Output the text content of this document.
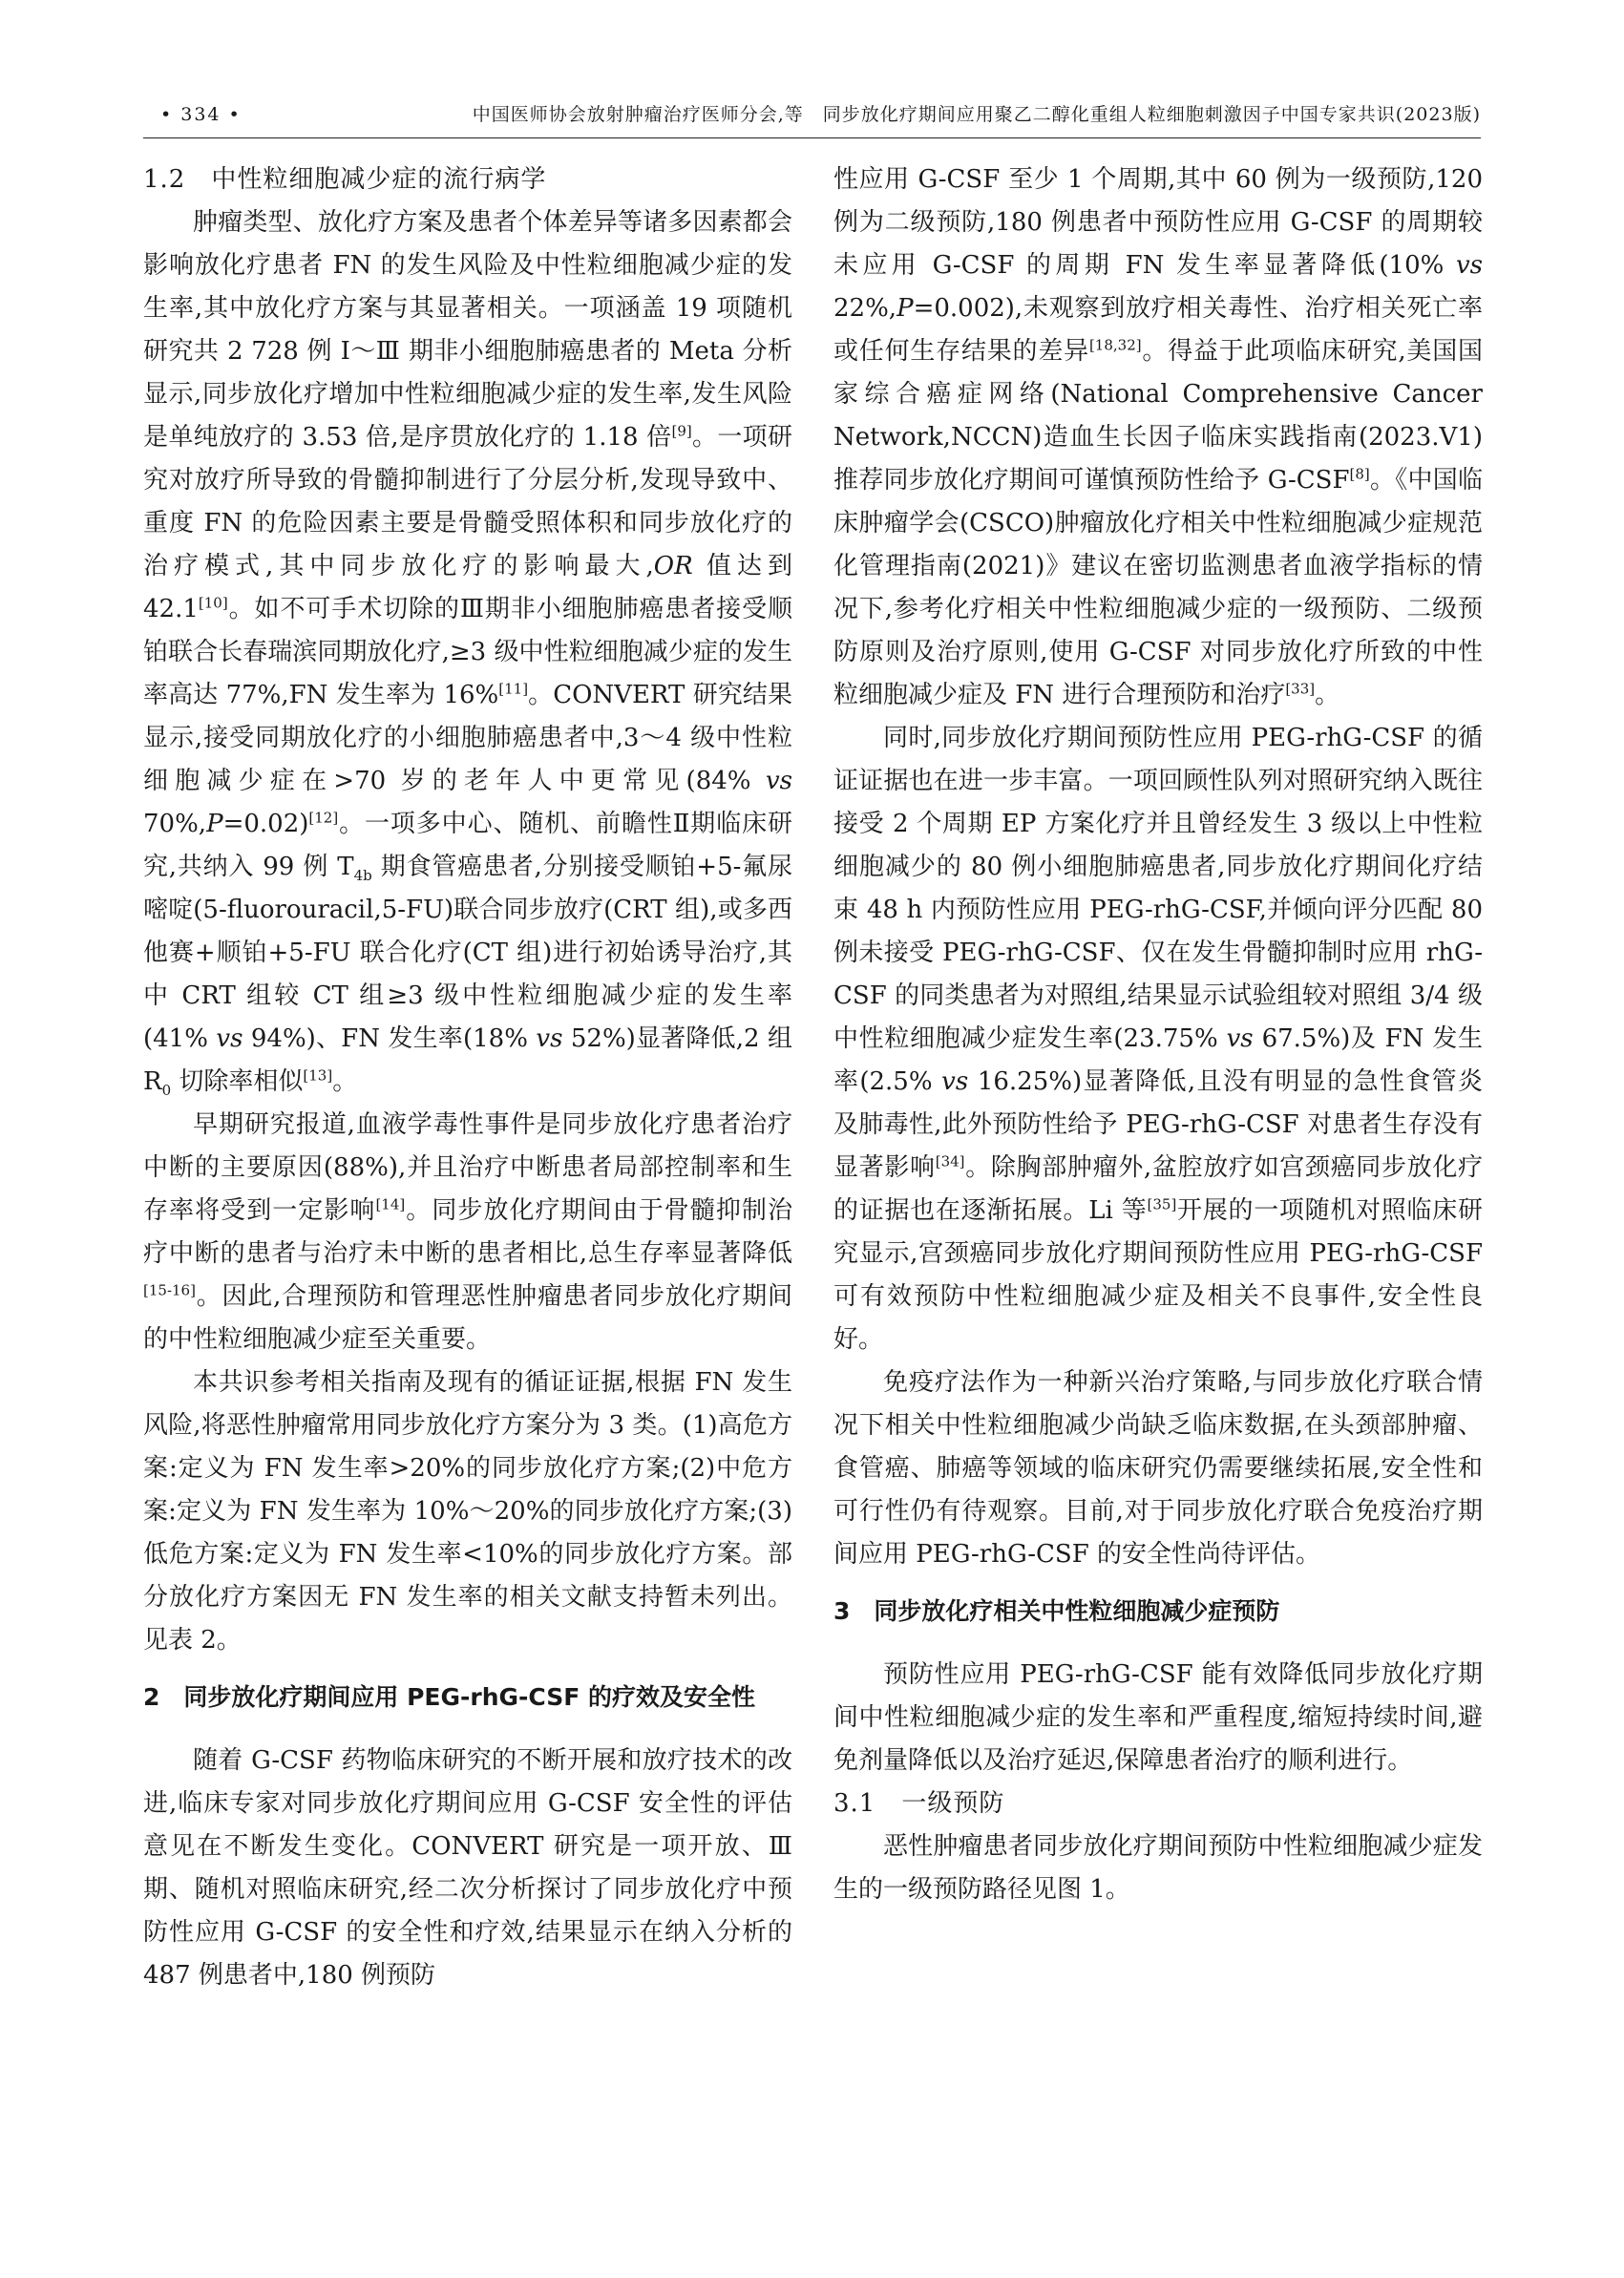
• 334 •	中国医师协会放射肿瘤治疗医师分会,等　同步放化疗期间应用聚乙二醇化重组人粒细胞刺激因子中国专家共识(2023版)
1.2　中性粒细胞减少症的流行病学

肿瘤类型、放化疗方案及患者个体差异等诸多因素都会影响放化疗患者 FN 的发生风险及中性粒细胞减少症的发生率,其中放化疗方案与其显著相关。一项涵盖 19 项随机研究共 2 728 例 Ⅰ～Ⅲ 期非小细胞肺癌患者的 Meta 分析显示,同步放化疗增加中性粒细胞减少症的发生率,发生风险是单纯放疗的 3.53 倍,是序贯放化疗的 1.18 倍[9]。一项研究对放疗所导致的骨髓抑制进行了分层分析,发现导致中、重度 FN 的危险因素主要是骨髓受照体积和同步放化疗的治疗模式,其中同步放化疗的影响最大,OR 值达到 42.1[10]。如不可手术切除的Ⅲ期非小细胞肺癌患者接受顺铂联合长春瑞滨同期放化疗,≥3 级中性粒细胞减少症的发生率高达 77%,FN 发生率为 16%[11]。CONVERT 研究结果显示,接受同期放化疗的小细胞肺癌患者中,3～4 级中性粒细胞减少症在>70 岁的老年人中更常见(84% vs 70%,P=0.02)[12]。一项多中心、随机、前瞻性Ⅱ期临床研究,共纳入 99 例 $T_{4b}$ 期食管癌患者,分别接受顺铂+5-氟尿嘧啶(5-fluorouracil,5-FU)联合同步放疗(CRT 组),或多西他赛+顺铂+5-FU 联合化疗(CT 组)进行初始诱导治疗,其中 CRT 组较 CT 组≥3 级中性粒细胞减少症的发生率(41% vs 94%)、FN 发生率(18% vs 52%)显著降低,2 组 $R_0$ 切除率相似[13]。

早期研究报道,血液学毒性事件是同步放化疗患者治疗中断的主要原因(88%),并且治疗中断患者局部控制率和生存率将受到一定影响[14]。同步放化疗期间由于骨髓抑制治疗中断的患者与治疗未中断的患者相比,总生存率显著降低[15-16]。因此,合理预防和管理恶性肿瘤患者同步放化疗期间的中性粒细胞减少症至关重要。

本共识参考相关指南及现有的循证证据,根据 FN 发生风险,将恶性肿瘤常用同步放化疗方案分为 3 类。(1)高危方案:定义为 FN 发生率>20%的同步放化疗方案;(2)中危方案:定义为 FN 发生率为 10%～20%的同步放化疗方案;(3)低危方案:定义为 FN 发生率<10%的同步放化疗方案。部分放化疗方案因无 FN 发生率的相关文献支持暂未列出。见表 2。

2　同步放化疗期间应用 PEG-rhG-CSF 的疗效及安全性

随着 G-CSF 药物临床研究的不断开展和放疗技术的改进,临床专家对同步放化疗期间应用 G-CSF 安全性的评估意见在不断发生变化。CONVERT 研究是一项开放、Ⅲ期、随机对照临床研究,经二次分析探讨了同步放化疗中预防性应用 G-CSF 的安全性和疗效,结果显示在纳入分析的 487 例患者中,180 例预防

性应用 G-CSF 至少 1 个周期,其中 60 例为一级预防,120 例为二级预防,180 例患者中预防性应用 G-CSF 的周期较未应用 G-CSF 的周期 FN 发生率显著降低(10% vs 22%,P=0.002),未观察到放疗相关毒性、治疗相关死亡率或任何生存结果的差异[18,32]。得益于此项临床研究,美国国家综合癌症网络(National Comprehensive Cancer Network,NCCN)造血生长因子临床实践指南(2023.V1)推荐同步放化疗期间可谨慎预防性给予 G-CSF[8]。《中国临床肿瘤学会(CSCO)肿瘤放化疗相关中性粒细胞减少症规范化管理指南(2021)》建议在密切监测患者血液学指标的情况下,参考化疗相关中性粒细胞减少症的一级预防、二级预防原则及治疗原则,使用 G-CSF 对同步放化疗所致的中性粒细胞减少症及 FN 进行合理预防和治疗[33]。

同时,同步放化疗期间预防性应用 PEG-rhG-CSF 的循证证据也在进一步丰富。一项回顾性队列对照研究纳入既往接受 2 个周期 EP 方案化疗并且曾经发生 3 级以上中性粒细胞减少的 80 例小细胞肺癌患者,同步放化疗期间化疗结束 48 h 内预防性应用 PEG-rhG-CSF,并倾向评分匹配 80 例未接受 PEG-rhG-CSF、仅在发生骨髓抑制时应用 rhG-CSF 的同类患者为对照组,结果显示试验组较对照组 3/4 级中性粒细胞减少症发生率(23.75% vs 67.5%)及 FN 发生率(2.5% vs 16.25%)显著降低,且没有明显的急性食管炎及肺毒性,此外预防性给予 PEG-rhG-CSF 对患者生存没有显著影响[34]。除胸部肿瘤外,盆腔放疗如宫颈癌同步放化疗的证据也在逐渐拓展。Li 等[35]开展的一项随机对照临床研究显示,宫颈癌同步放化疗期间预防性应用 PEG-rhG-CSF 可有效预防中性粒细胞减少症及相关不良事件,安全性良好。

免疫疗法作为一种新兴治疗策略,与同步放化疗联合情况下相关中性粒细胞减少尚缺乏临床数据,在头颈部肿瘤、食管癌、肺癌等领域的临床研究仍需要继续拓展,安全性和可行性仍有待观察。目前,对于同步放化疗联合免疫治疗期间应用 PEG-rhG-CSF 的安全性尚待评估。

3　同步放化疗相关中性粒细胞减少症预防

预防性应用 PEG-rhG-CSF 能有效降低同步放化疗期间中性粒细胞减少症的发生率和严重程度,缩短持续时间,避免剂量降低以及治疗延迟,保障患者治疗的顺利进行。

3.1　一级预防

恶性肿瘤患者同步放化疗期间预防中性粒细胞减少症发生的一级预防路径见图 1。
